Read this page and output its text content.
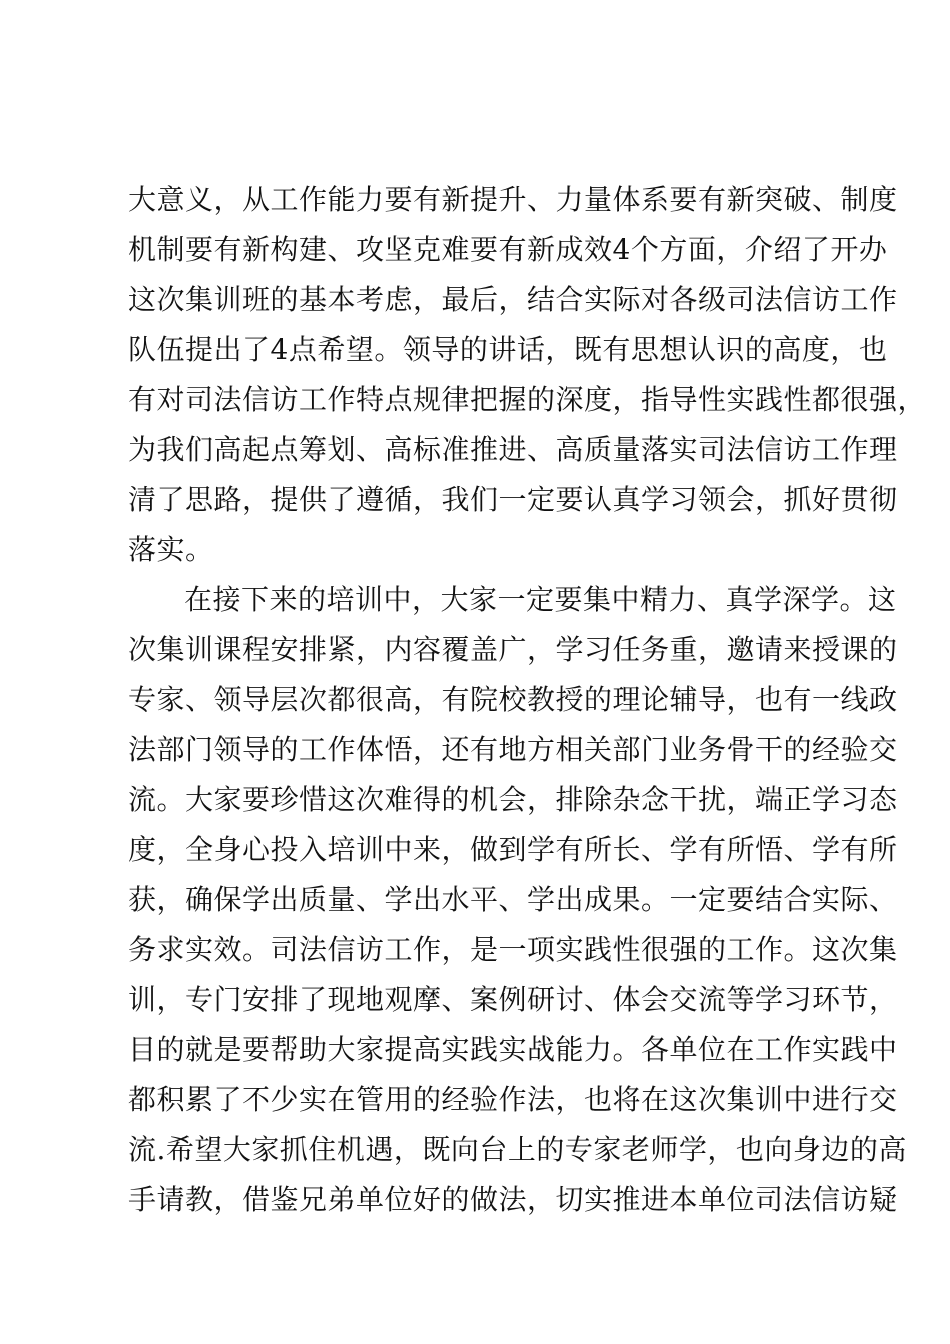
大意义，从工作能力要有新提升、力量体系要有新突破、制度
机制要有新构建、攻坚克难要有新成效4个方面，介绍了开办
这次集训班的基本考虑，最后，结合实际对各级司法信访工作
队伍提出了4点希望。领导的讲话，既有思想认识的高度，也
有对司法信访工作特点规律把握的深度，指导性实践性都很强，
为我们高起点筹划、高标准推进、高质量落实司法信访工作理
清了思路，提供了遵循，我们一定要认真学习领会，抓好贯彻
落实。
在接下来的培训中，大家一定要集中精力、真学深学。这
次集训课程安排紧，内容覆盖广，学习任务重，邀请来授课的
专家、领导层次都很高，有院校教授的理论辅导，也有一线政
法部门领导的工作体悟，还有地方相关部门业务骨干的经验交
流。大家要珍惜这次难得的机会，排除杂念干扰，端正学习态
度，全身心投入培训中来，做到学有所长、学有所悟、学有所
获，确保学出质量、学出水平、学出成果。一定要结合实际、
务求实效。司法信访工作，是一项实践性很强的工作。这次集
训，专门安排了现地观摩、案例研讨、体会交流等学习环节，
目的就是要帮助大家提高实践实战能力。各单位在工作实践中
都积累了不少实在管用的经验作法，也将在这次集训中进行交
流.希望大家抓住机遇，既向台上的专家老师学，也向身边的高
手请教，借鉴兄弟单位好的做法，切实推进本单位司法信访疑
